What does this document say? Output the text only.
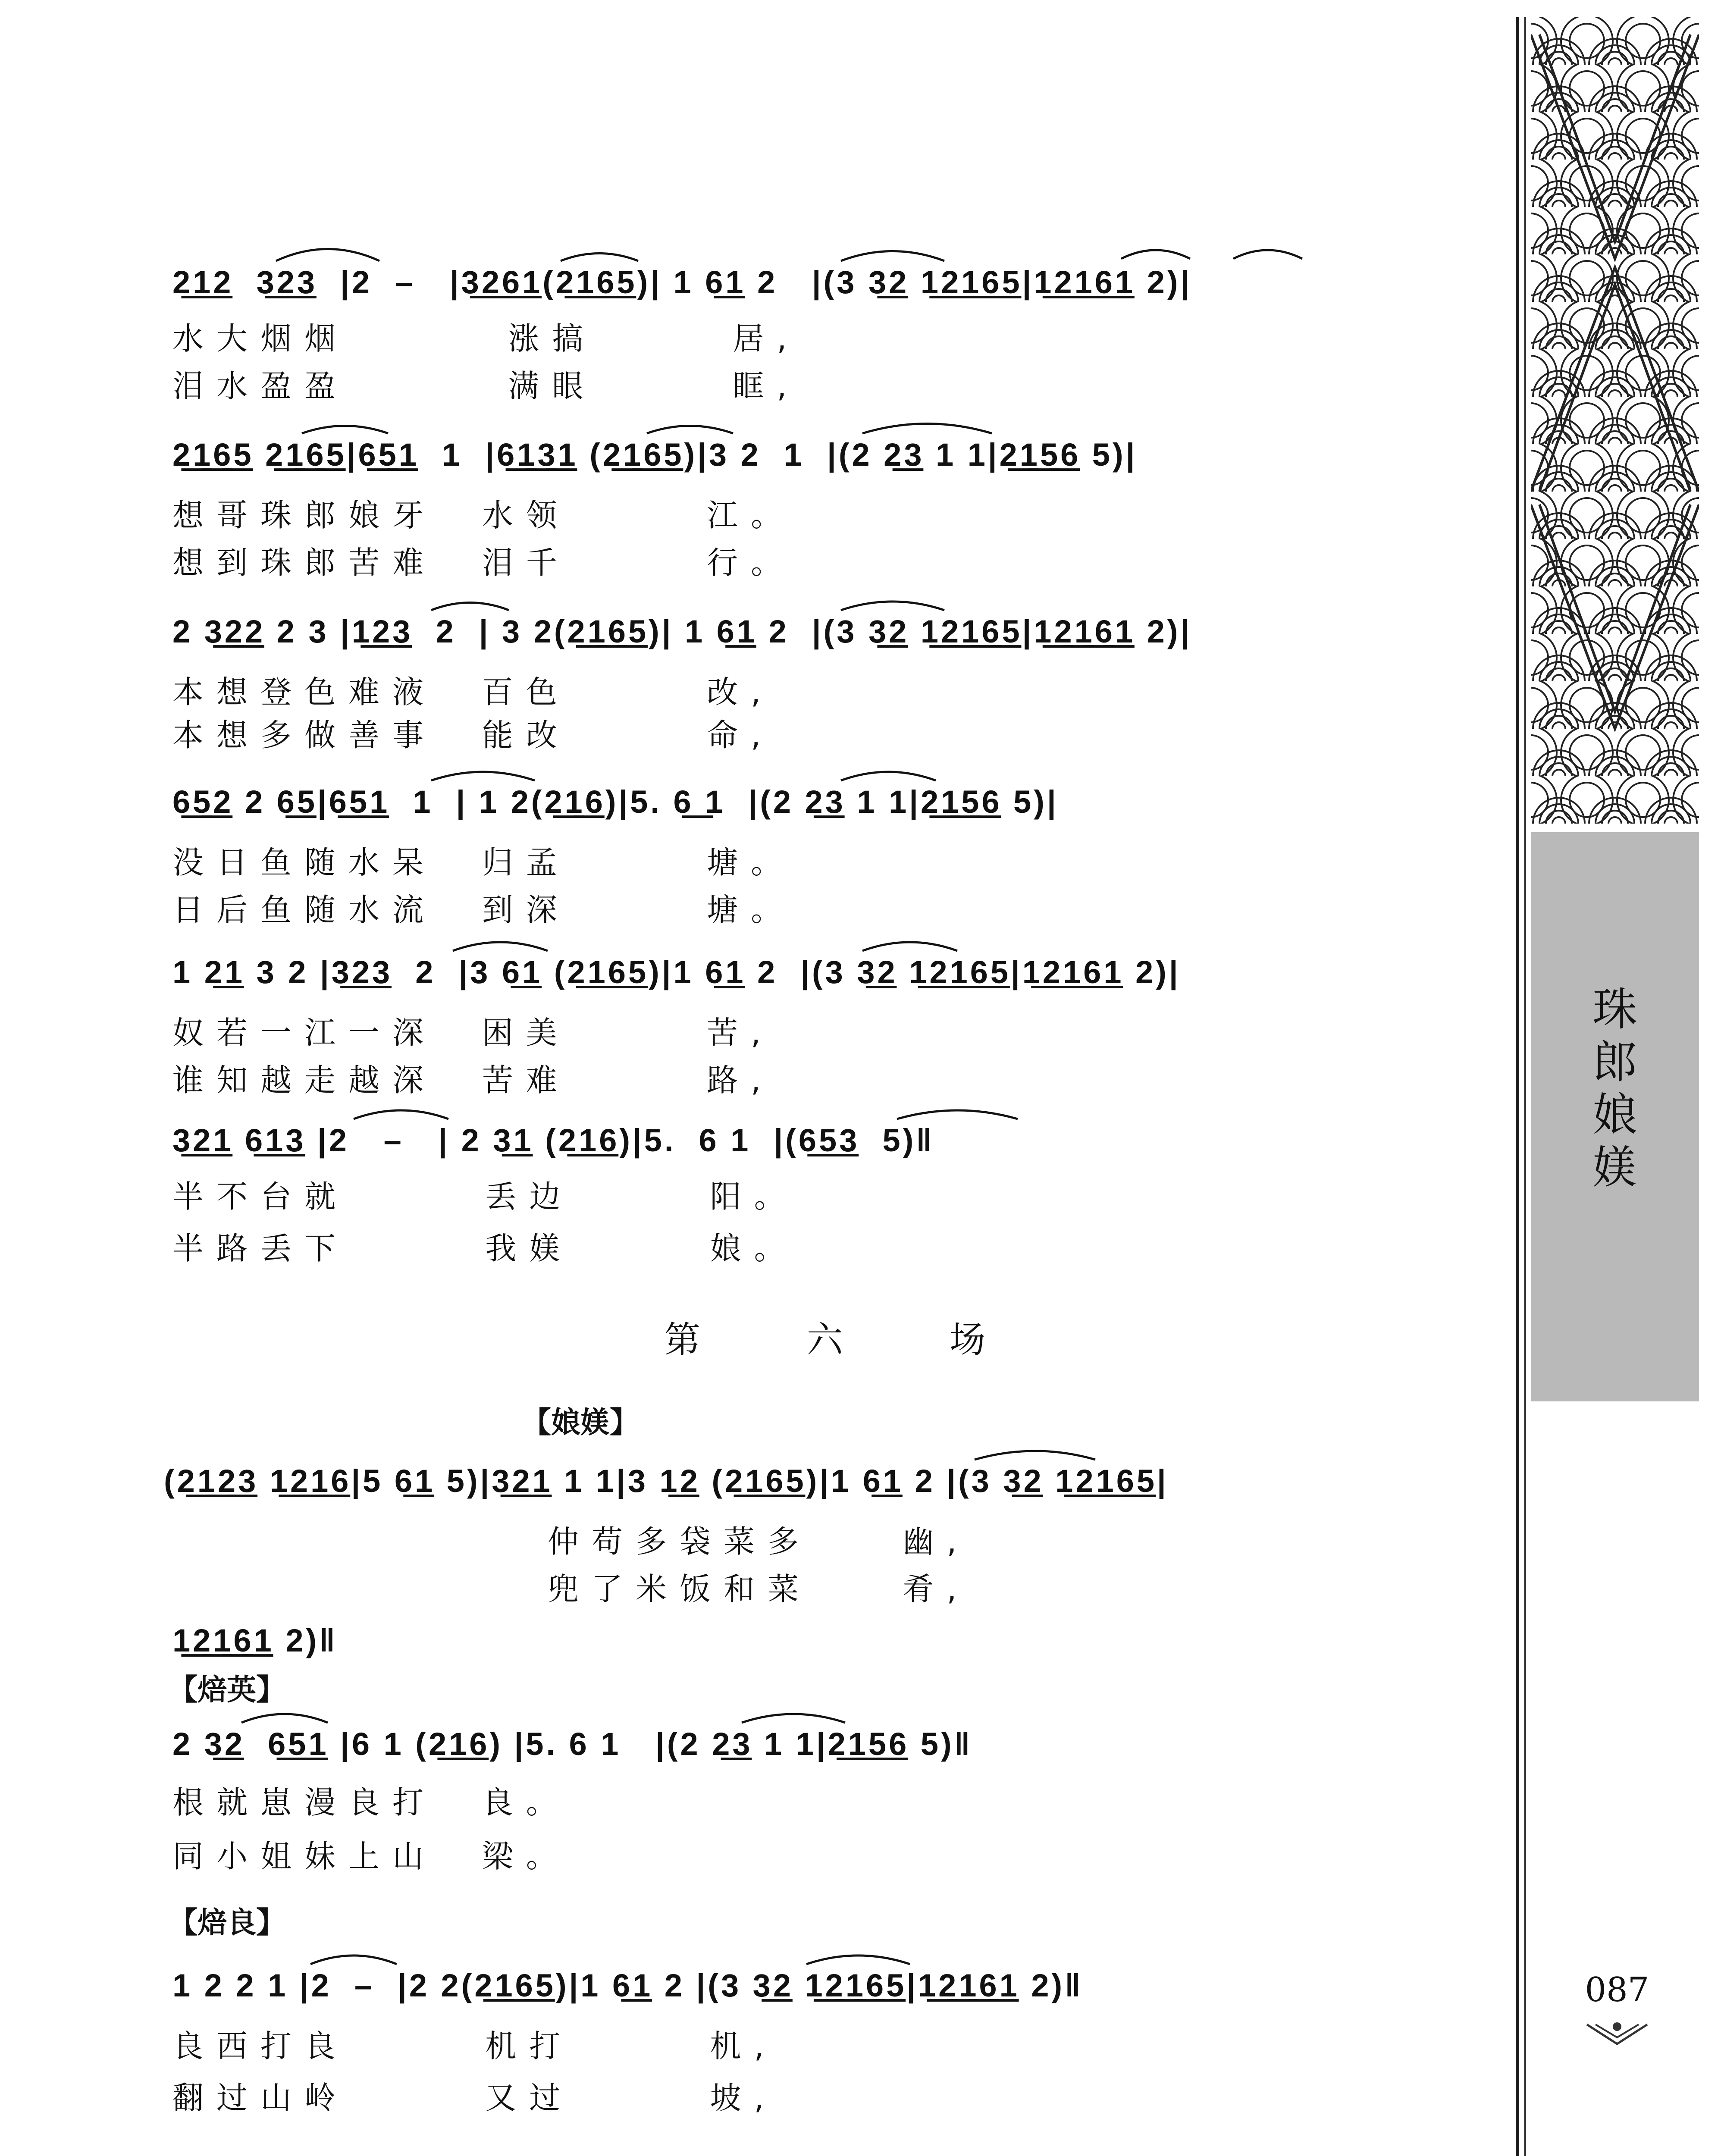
珠郎娘媄
087
2͟1͟2  3͟2͟3  |2  –   |3͟2͟6͟1(2͟1͟6͟5)| 1 6͟1 2   |(3 3͟2 1͟2͟1͟6͟5|1͟2͟1͟6͟1 2)|
水大烟烟       涨搞      居,
泪水盈盈       满眼      眶,
2͟1͟6͟5 2͟1͟6͟5|6͟5͟1  1  |6͟1͟3͟1 (2͟1͟6͟5)|3 2  1  |(2 2͟3 1 1|2͟1͟5͟6 5)|
想哥珠郎娘牙  水领      江。
想到珠郎苦难  泪千      行。
2 3͟2͟2 2 3 |1͟2͟3  2  | 3 2(2͟1͟6͟5)| 1 6͟1 2  |(3 3͟2 1͟2͟1͟6͟5|1͟2͟1͟6͟1 2)|
本想登色难液  百色      改,
本想多做善事  能改      命,
6͟5͟2 2 6͟5|6͟5͟1  1  | 1 2(2͟1͟6)|5. 6͟ 1  |(2 2͟3 1 1|2͟1͟5͟6 5)|
没日鱼随水呆  归孟      塘。
日后鱼随水流  到深      塘。
1 2͟1 3 2 |3͟2͟3  2  |3 6͟1 (2͟1͟6͟5)|1 6͟1 2  |(3 3͟2 1͟2͟1͟6͟5|1͟2͟1͟6͟1 2)|
奴若一江一深  困美      苦,
谁知越走越深  苦难      路,
3͟2͟1 6͟1͟3 |2   –   | 2 3͟1 (2͟1͟6)|5.  6 1  |(6͟5͟3  5)‖
半不台就      丢边      阳。
半路丢下      我媄      娘。
第 六 场
【娘媄】
(2͟1͟2͟3 1͟2͟1͟6|5 6͟1 5)|3͟2͟1 1 1|3 1͟2 (2͟1͟6͟5)|1 6͟1 2 |(3 3͟2 1͟2͟1͟6͟5|
仲苟多袋菜多    幽,
兜了米饭和菜    肴,
1͟2͟1͟6͟1 2)‖
【焙英】
2 3͟2  6͟5͟1 |6 1 (2͟1͟6) |5. 6 1   |(2 2͟3 1 1|2͟1͟5͟6 5)‖
根就崽漫良打  良。
同小姐妹上山  梁。
【焙良】
1 2 2 1 |2  –  |2 2(2͟1͟6͟5)|1 6͟1 2 |(3 3͟2 1͟2͟1͟6͟5|1͟2͟1͟6͟1 2)‖
良西打良      机打      机,
翻过山岭      又过      坡,
